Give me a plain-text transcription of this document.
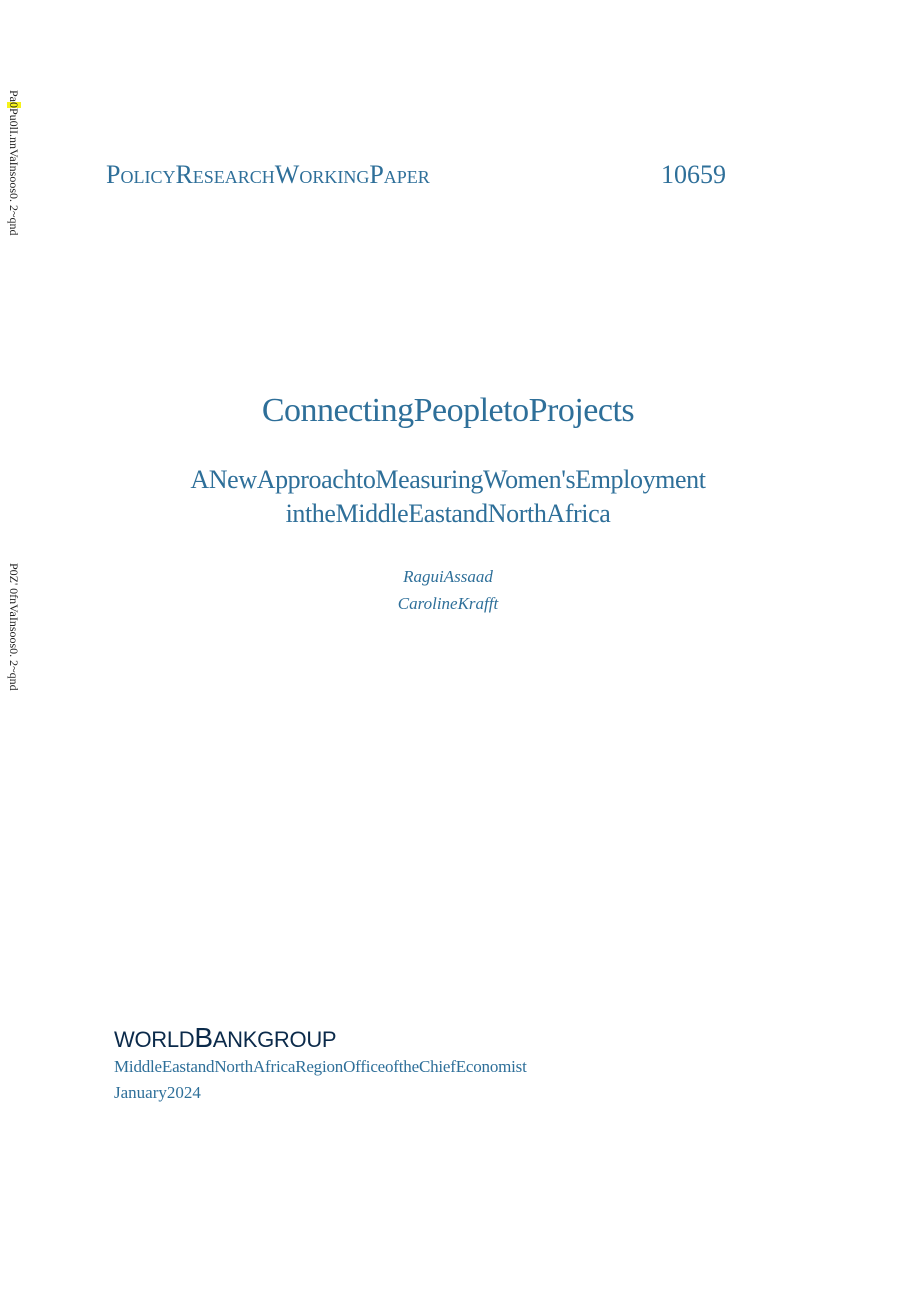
Pa0Pu0lI.nnVaInsoos0. 2~qnd
P0Z' 0fnVaInsoos0. 2~qnd
PolicyResearchWorkingPaper	10659
ConnectingPeopletoProjects
ANewApproachtoMeasuringWomen'sEmployment
intheMiddleEastandNorthAfrica
RaguiAssaad
CarolineKrafft
WORLDBANKGROUP
MiddleEastandNorthAfricaRegionOfficeoftheChiefEconomist
January2024
